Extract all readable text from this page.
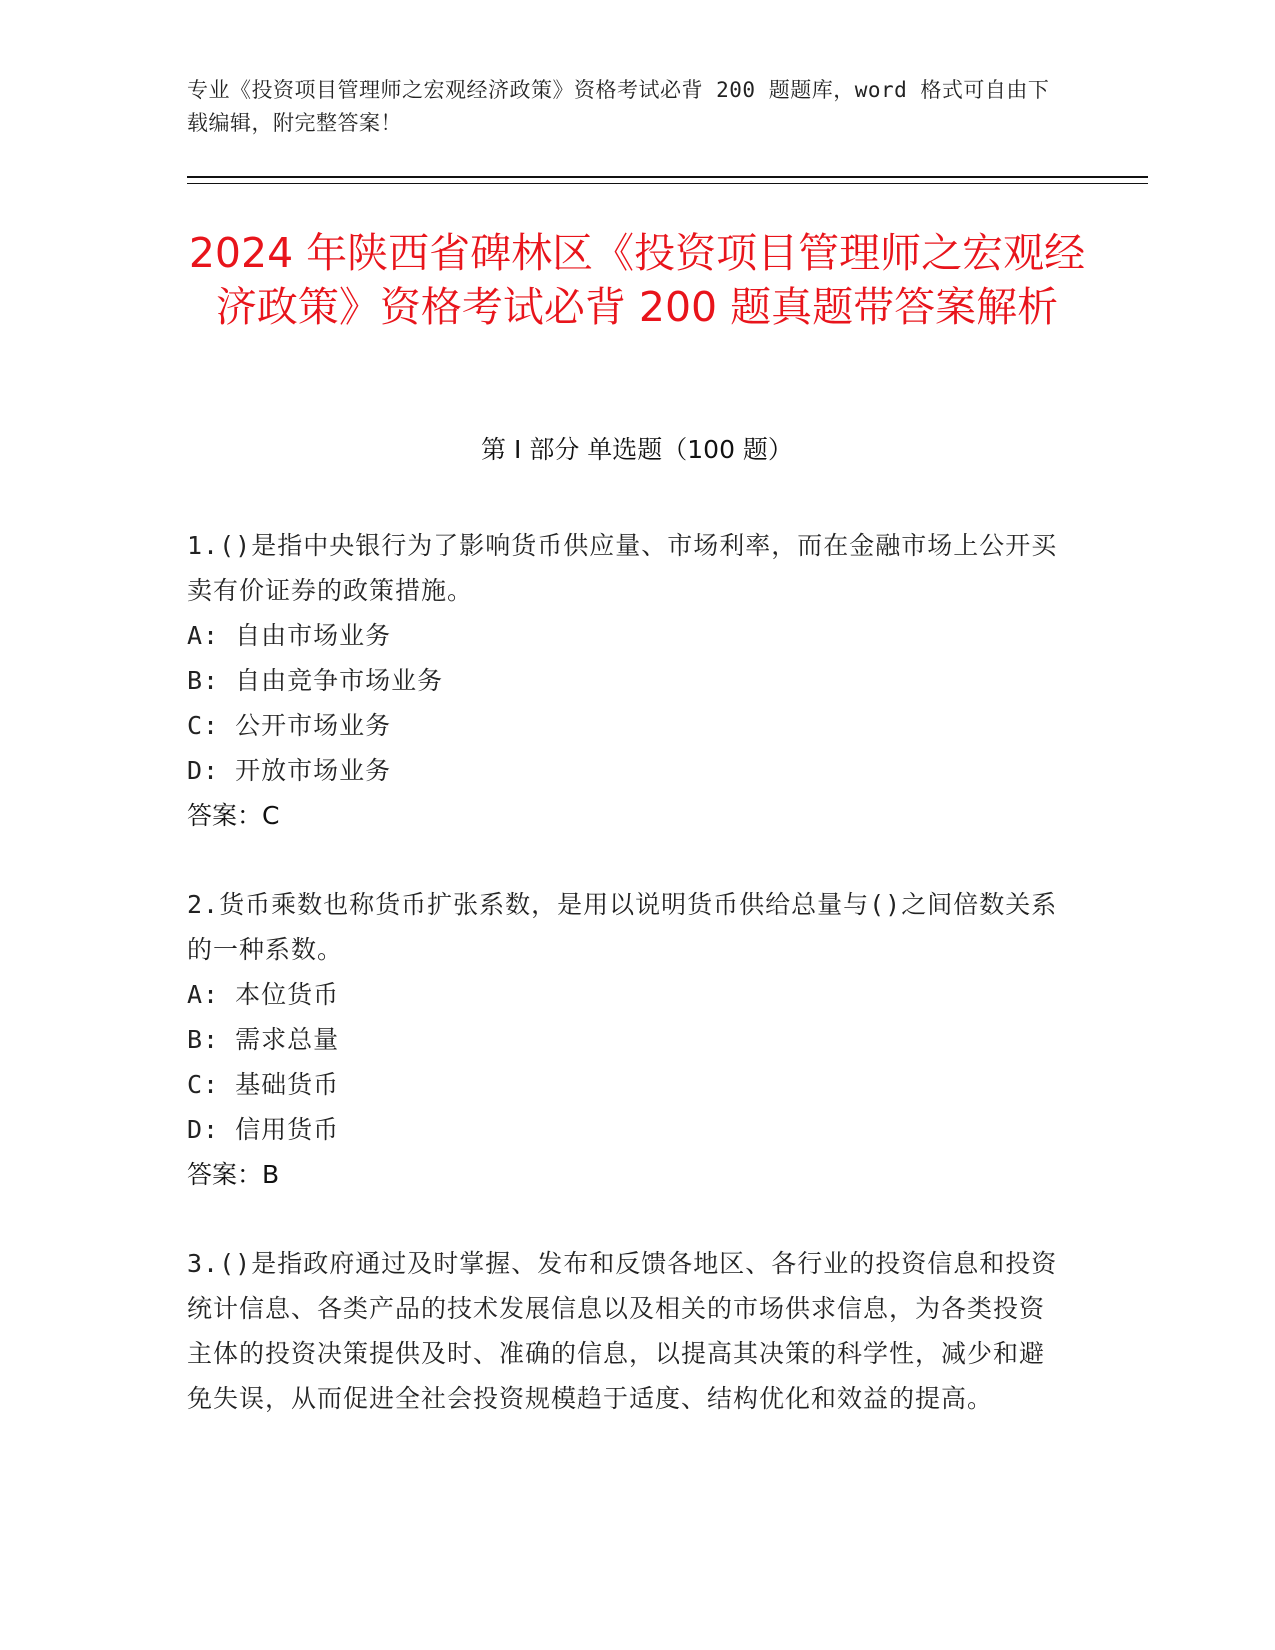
专业《投资项目管理师之宏观经济政策》资格考试必背 200 题题库，word 格式可自由下载编辑，附完整答案！
2024 年陕西省碑林区《投资项目管理师之宏观经济政策》资格考试必背 200 题真题带答案解析
第 I 部分 单选题（100 题）
1.()是指中央银行为了影响货币供应量、市场利率，而在金融市场上公开买卖有价证券的政策措施。
A: 自由市场业务
B: 自由竞争市场业务
C: 公开市场业务
D: 开放市场业务
答案：C
2.货币乘数也称货币扩张系数，是用以说明货币供给总量与()之间倍数关系的一种系数。
A: 本位货币
B: 需求总量
C: 基础货币
D: 信用货币
答案：B
3.()是指政府通过及时掌握、发布和反馈各地区、各行业的投资信息和投资统计信息、各类产品的技术发展信息以及相关的市场供求信息，为各类投资主体的投资决策提供及时、准确的信息，以提高其决策的科学性，减少和避免失误，从而促进全社会投资规模趋于适度、结构优化和效益的提高。
